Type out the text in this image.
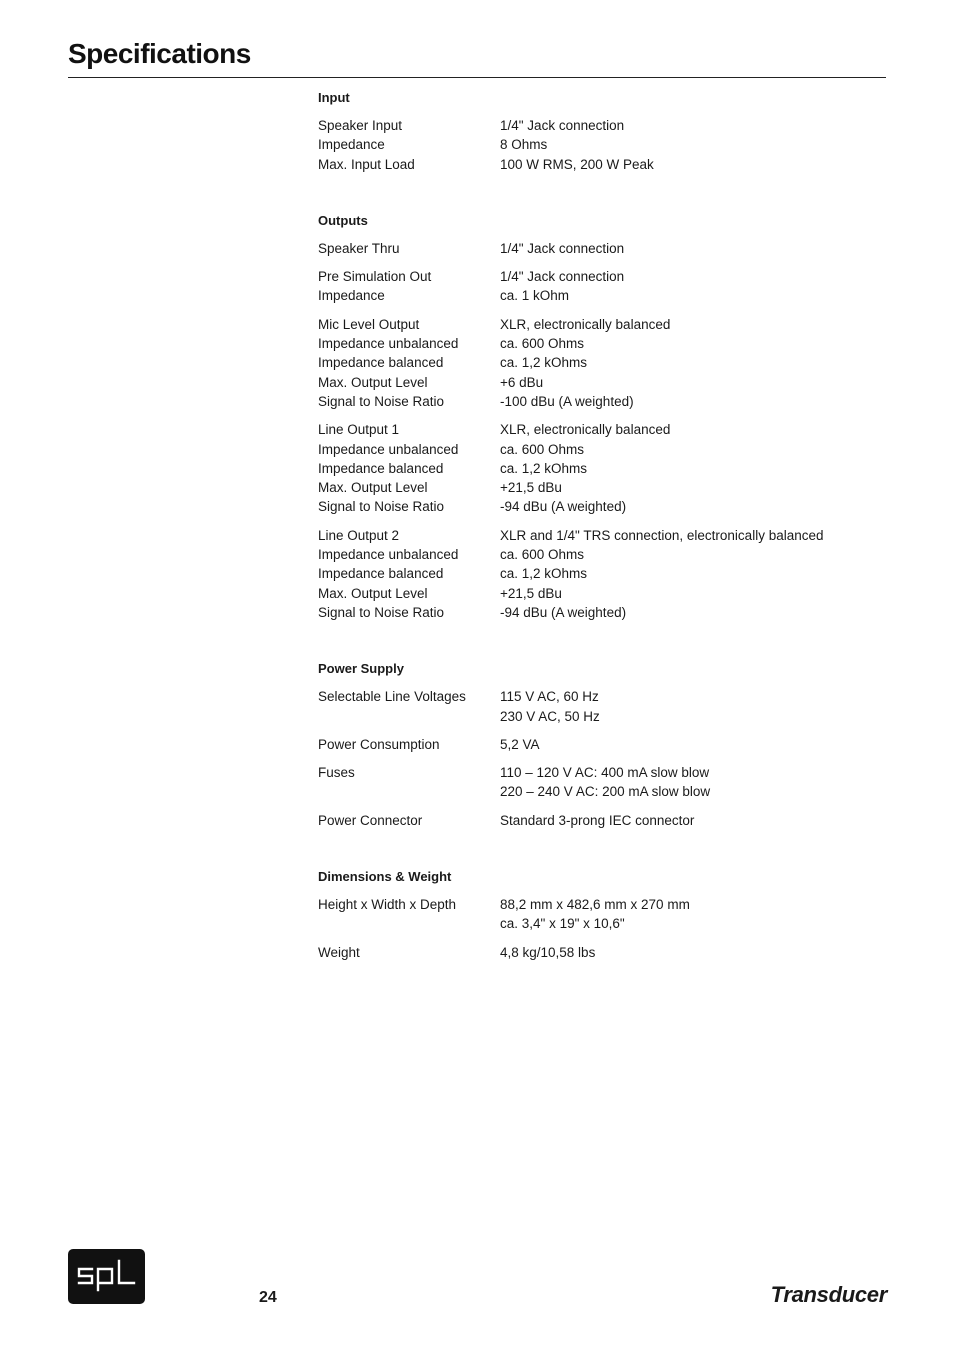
Specifications
Input
Speaker Input	1/4" Jack connection
Impedance	8 Ohms
Max. Input Load	100 W RMS, 200 W Peak
Outputs
Speaker Thru	1/4" Jack connection
Pre Simulation Out	1/4" Jack connection
Impedance	ca. 1 kOhm
Mic Level Output	XLR, electronically balanced
Impedance unbalanced	ca. 600 Ohms
Impedance balanced	ca. 1,2 kOhms
Max. Output Level	+6 dBu
Signal to Noise Ratio	-100 dBu (A weighted)
Line Output 1	XLR, electronically balanced
Impedance unbalanced	ca. 600 Ohms
Impedance balanced	ca. 1,2 kOhms
Max. Output Level	+21,5 dBu
Signal to Noise Ratio	-94 dBu (A weighted)
Line Output 2	XLR and 1/4" TRS connection, electronically balanced
Impedance unbalanced	ca. 600 Ohms
Impedance balanced	ca. 1,2 kOhms
Max. Output Level	+21,5 dBu
Signal to Noise Ratio	-94 dBu (A weighted)
Power Supply
Selectable Line Voltages	115 V AC, 60 Hz
230 V AC, 50 Hz
Power Consumption	5,2 VA
Fuses	110 – 120 V AC: 400 mA slow blow
220 – 240 V AC: 200 mA slow blow
Power Connector	Standard 3-prong IEC connector
Dimensions & Weight
Height x Width x Depth	88,2 mm x 482,6 mm x 270 mm
ca. 3,4" x 19" x 10,6"
Weight	4,8 kg/10,58 lbs
24	Transducer
